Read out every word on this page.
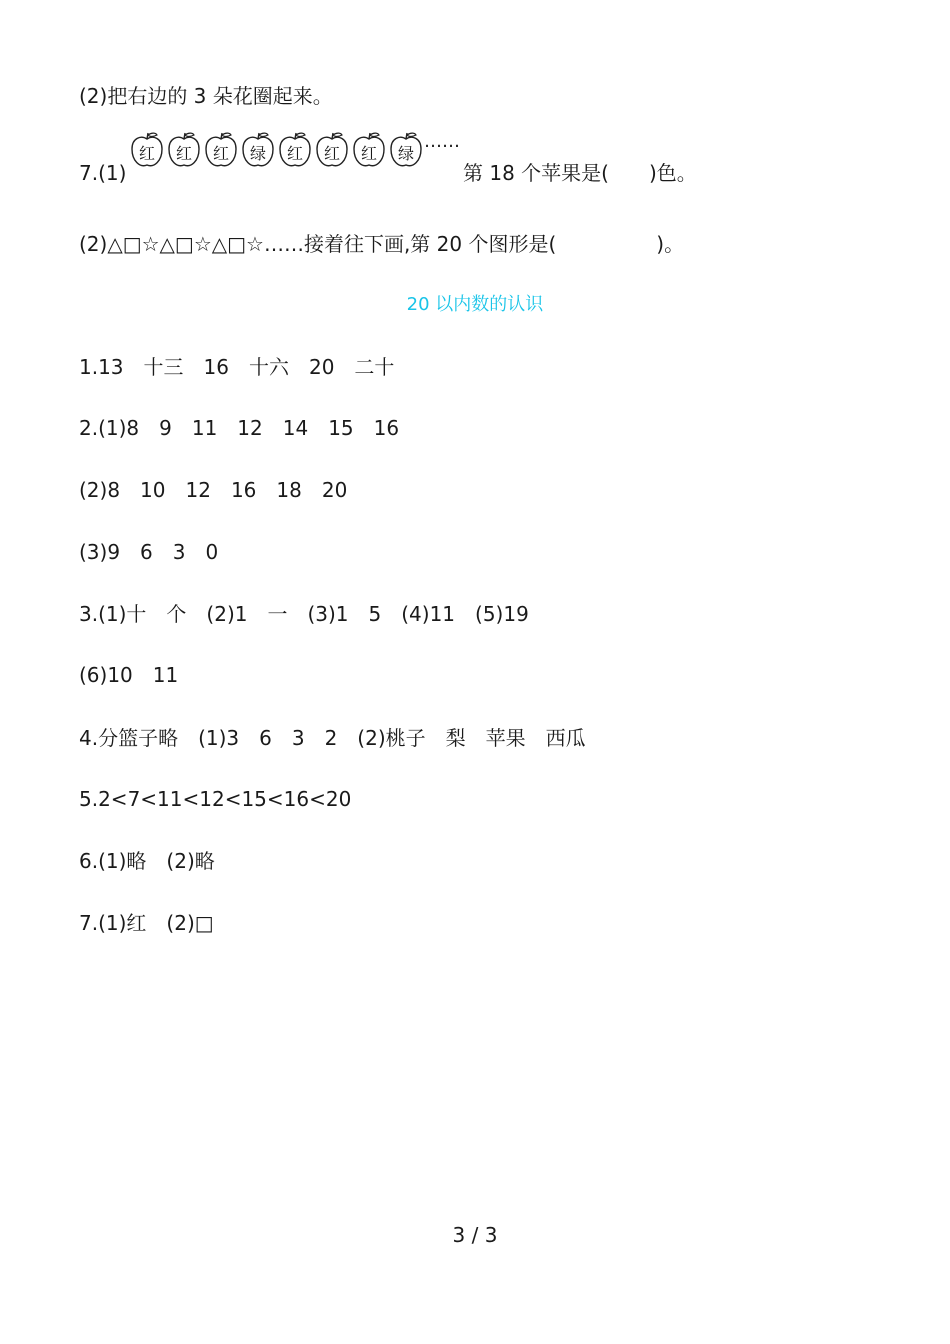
(2)把右边的 3 朵花圈起来。
7.(1)
红	红	红	绿	红	红	红	绿
……
第 18 个苹果是(　　)色。
(2)△□☆△□☆△□☆……接着往下画,第 20 个图形是(　　　　　)。
20 以内数的认识
1.13　十三　16　十六　20　二十
2.(1)8　9　11　12　14　15　16
(2)8　10　12　16　18　20
(3)9　6　3　0
3.(1)十　个　(2)1　一　(3)1　5　(4)11　(5)19
(6)10　11
4.分篮子略　(1)3　6　3　2　(2)桃子　梨　苹果　西瓜
5.2<7<11<12<15<16<20
6.(1)略　(2)略
7.(1)红　(2)□
3 / 3
